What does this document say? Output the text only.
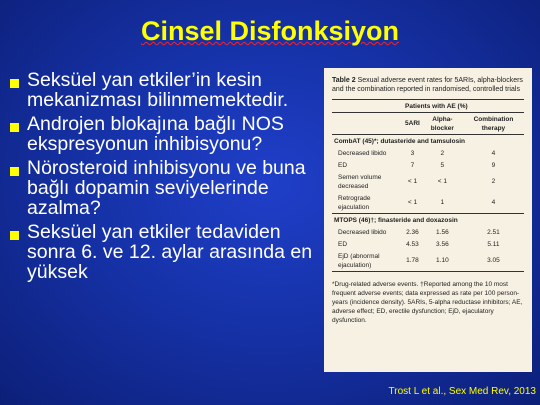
Cinsel Disfonksiyon
Seksüel yan etkiler’in kesin mekanizması bilinmemektedir.
Androjen blokajına bağlı NOS ekspresyonun inhibisyonu?
Nörosteroid inhibisyonu ve buna bağlı dopamin seviyelerinde azalma?
Seksüel yan etkiler tedaviden sonra 6. ve 12. aylar arasında en yüksek
Table 2 Sexual adverse event rates for 5ARIs, alpha-blockers and the combination reported in randomised, controlled trials
	Patients with AE (%)		
	5ARI	Alpha-blocker	Combination therapy
CombAT (45)*; dutasteride and tamsulosin			
Decreased libido	3	2	4
ED	7	5	9
Semen volume decreased	< 1	< 1	2
Retrograde ejaculation	< 1	1	4
MTOPS (46)†; finasteride and doxazosin			
Decreased libido	2.36	1.56	2.51
ED	4.53	3.56	5.11
EjD (abnormal ejaculation)	1.78	1.10	3.05
*Drug-related adverse events. †Reported among the 10 most frequent adverse events; data expressed as rate per 100 person-years (incidence density). 5ARIs, 5-alpha reductase inhibitors; AE, adverse effect; ED, erectile dysfunction; EjD, ejaculatory dysfunction.
Trost L et al., Sex Med Rev, 2013
